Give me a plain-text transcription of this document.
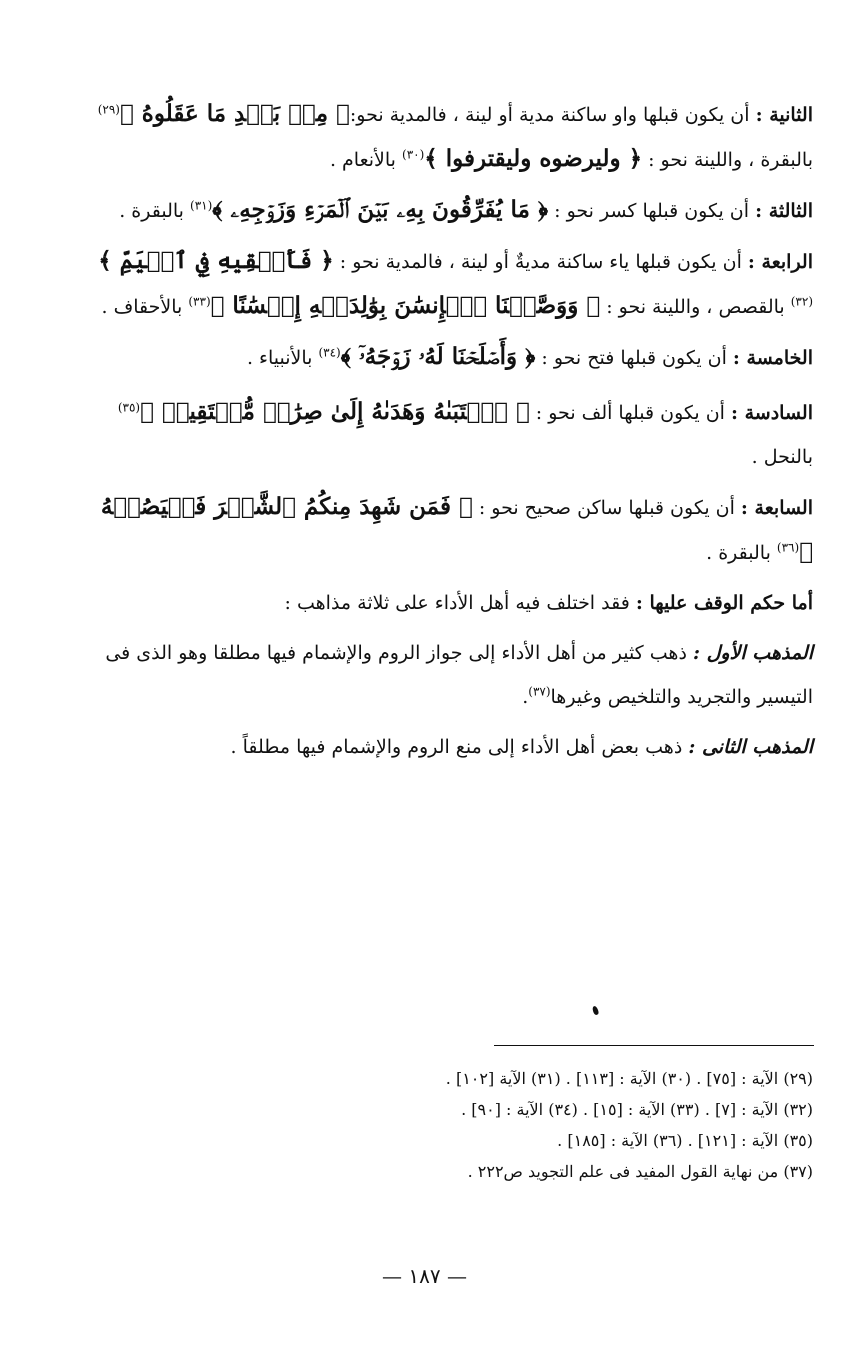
الثانية : أن يكون قبلها واو ساكنة مدية أو لينة ، فالمدية نحو:﴿ مِنۢ بَعۡدِ مَا عَقَلُوهُ ﴾$^{(٢٩)}$ بالبقرة ، واللينة نحو : ﴿ وليرضوه وليقترفوا ﴾$^{(٣٠)}$ بالأنعام .

الثالثة : أن يكون قبلها كسر نحو : ﴿ مَا يُفَرِّقُونَ بِهِۦ بَيۡنَ ٱلۡمَرۡءِ وَزَوۡجِهِۦ ﴾$^{(٣١)}$ بالبقرة .

الرابعة : أن يكون قبلها ياء ساكنة مديةٌ أو لينة ، فالمدية نحو : ﴿ فَأَلۡقِيهِ فِي ٱلۡيَمِّ ﴾$^{(٣٢)}$ بالقصص ، واللينة نحو : ﴿ وَوَصَّيۡنَا ٱلۡإِنسَٰنَ بِوَٰلِدَيۡهِ إِحۡسَٰنًا ﴾$^{(٣٣)}$ بالأحقاف .

الخامسة : أن يكون قبلها فتح نحو : ﴿ وَأَصۡلَحۡنَا لَهُۥ زَوۡجَهُۥٓ ﴾$^{(٣٤)}$ بالأنبياء .

السادسة : أن يكون قبلها ألف نحو : ﴿ ٱجۡتَبَىٰهُ وَهَدَىٰهُ إِلَىٰ صِرَٰطٖ مُّسۡتَقِيمٖ ﴾$^{(٣٥)}$ بالنحل .

السابعة : أن يكون قبلها ساكن صحيح نحو : ﴿ فَمَن شَهِدَ مِنكُمُ ٱلشَّهۡرَ فَلۡيَصُمۡهُ ﴾$^{(٣٦)}$ بالبقرة .

أما حكم الوقف عليها : فقد اختلف فيه أهل الأداء على ثلاثة مذاهب :

المذهب الأول : ذهب كثير من أهل الأداء إلى جواز الروم والإشمام فيها مطلقا وهو الذى فى التيسير والتجريد والتلخيص وغيرها$^{(٣٧)}$.

المذهب الثانى : ذهب بعض أهل الأداء إلى منع الروم والإشمام فيها مطلقاً .

(٢٩) الآية : [٧٥] . (٣٠) الآية : [١١٣] . (٣١) الآية [١٠٢] .

(٣٢) الآية : [٧] . (٣٣) الآية : [١٥] . (٣٤) الآية : [٩٠] .

(٣٥) الآية : [١٢١] . (٣٦) الآية : [١٨٥] .

(٣٧) من نهاية القول المفيد فى علم التجويد ص٢٢٢ .

— ١٨٧ —
